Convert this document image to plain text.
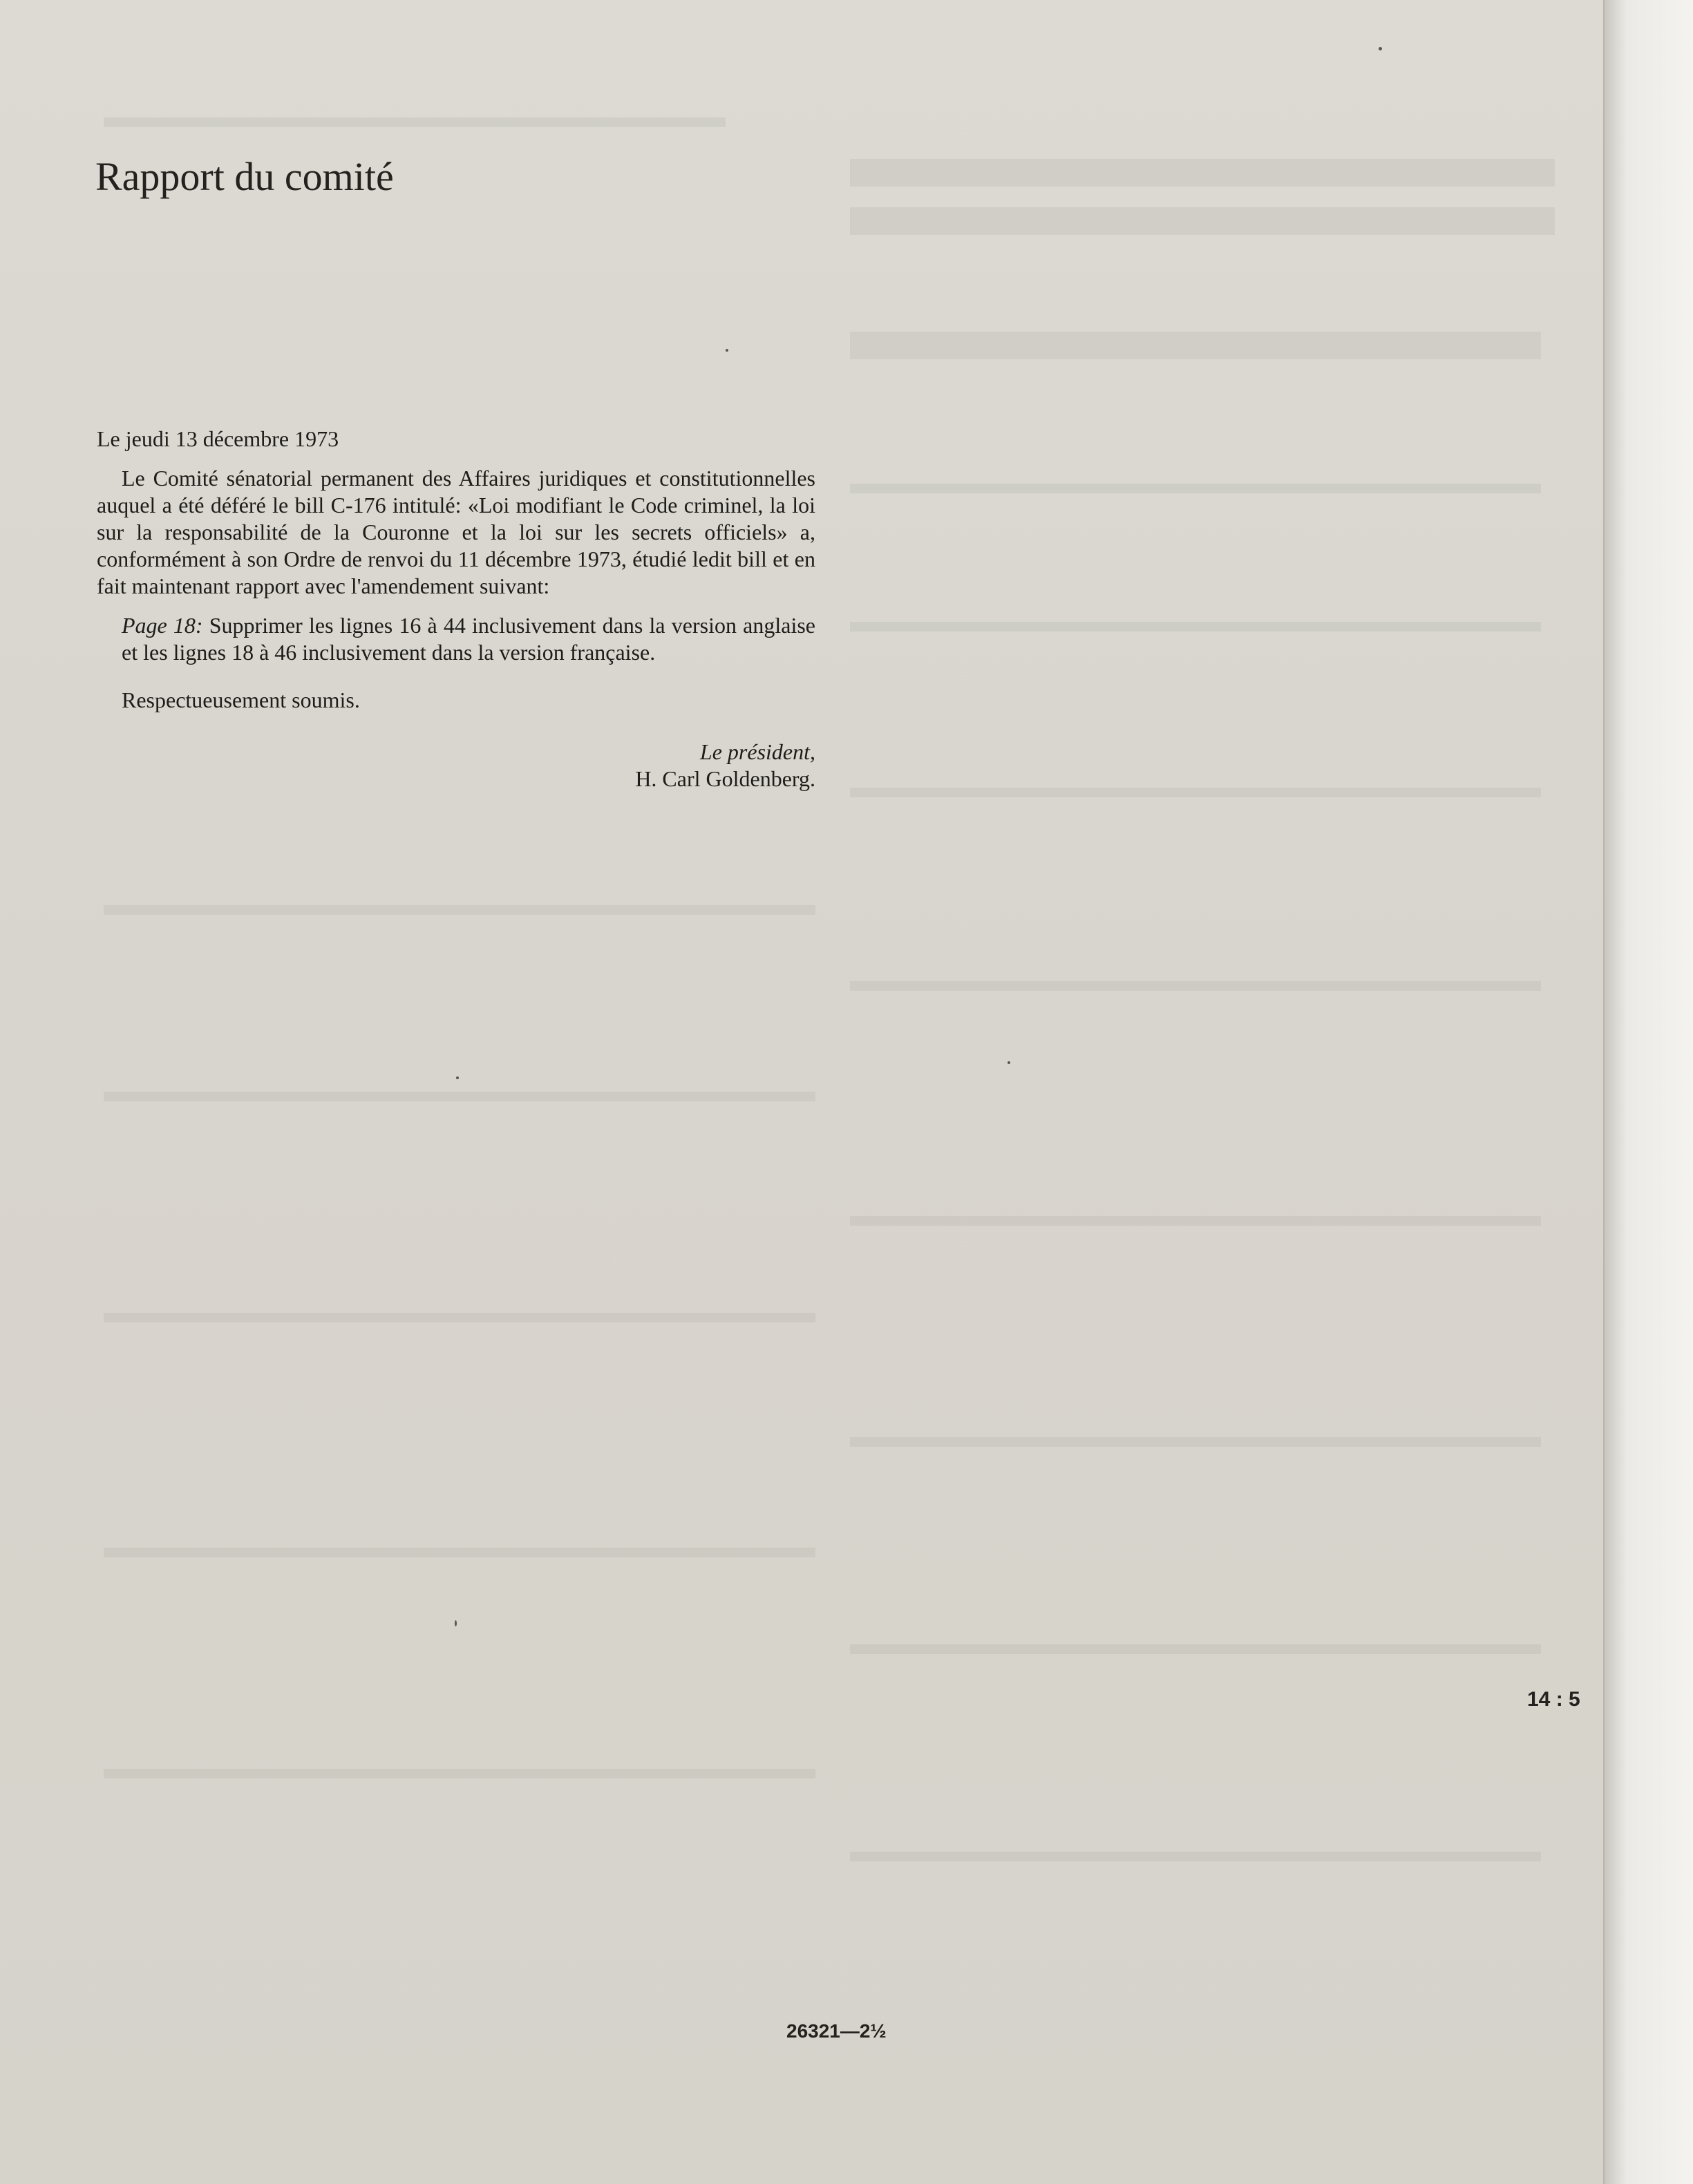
Rapport du comité

Le jeudi 13 décembre 1973

Le Comité sénatorial permanent des Affaires juridiques et constitutionnelles auquel a été déféré le bill C-176 intitulé: «Loi modifiant le Code criminel, la loi sur la responsabilité de la Couronne et la loi sur les secrets officiels» a, conformément à son Ordre de renvoi du 11 décembre 1973, étudié ledit bill et en fait maintenant rapport avec l'amendement suivant:

Page 18: Supprimer les lignes 16 à 44 inclusivement dans la version anglaise et les lignes 18 à 46 inclusivement dans la version française.

Respectueusement soumis.

Le président,

H. Carl Goldenberg.

14 : 5
26321—2½
